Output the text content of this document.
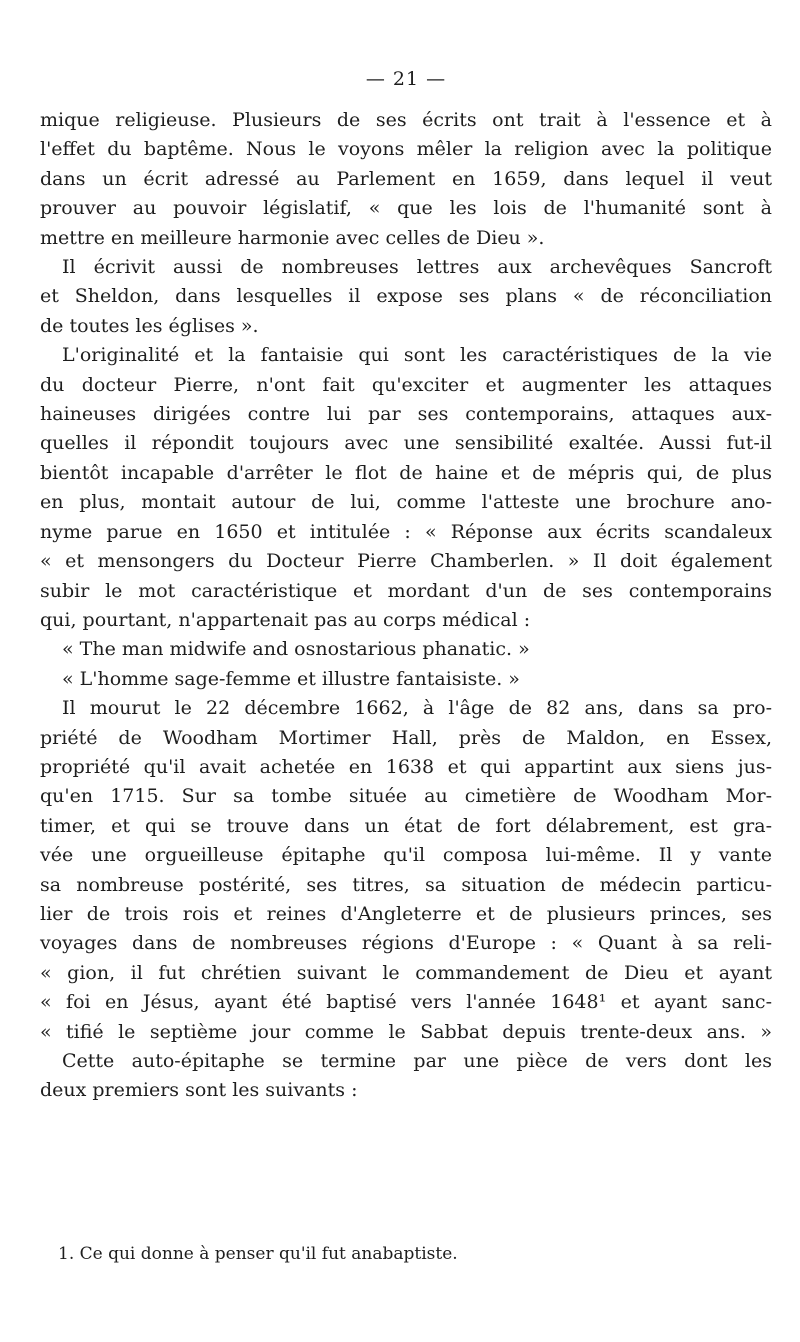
— 21 —
mique religieuse. Plusieurs de ses écrits ont trait à l'essence et à
l'effet du baptême. Nous le voyons mêler la religion avec la politique
dans un écrit adressé au Parlement en 1659, dans lequel il veut
prouver au pouvoir législatif, « que les lois de l'humanité sont à
mettre en meilleure harmonie avec celles de Dieu ».
Il écrivit aussi de nombreuses lettres aux archevêques Sancroft
et Sheldon, dans lesquelles il expose ses plans « de réconciliation
de toutes les églises ».
L'originalité et la fantaisie qui sont les caractéristiques de la vie
du docteur Pierre, n'ont fait qu'exciter et augmenter les attaques
haineuses dirigées contre lui par ses contemporains, attaques aux-
quelles il répondit toujours avec une sensibilité exaltée. Aussi fut-il
bientôt incapable d'arrêter le flot de haine et de mépris qui, de plus
en plus, montait autour de lui, comme l'atteste une brochure ano-
nyme parue en 1650 et intitulée : « Réponse aux écrits scandaleux
« et mensongers du Docteur Pierre Chamberlen. » Il doit également
subir le mot caractéristique et mordant d'un de ses contemporains
qui, pourtant, n'appartenait pas au corps médical :
« The man midwife and osnostarious phanatic. »
« L'homme sage-femme et illustre fantaisiste. »
Il mourut le 22 décembre 1662, à l'âge de 82 ans, dans sa pro-
priété de Woodham Mortimer Hall, près de Maldon, en Essex,
propriété qu'il avait achetée en 1638 et qui appartint aux siens jus-
qu'en 1715. Sur sa tombe située au cimetière de Woodham Mor-
timer, et qui se trouve dans un état de fort délabrement, est gra-
vée une orgueilleuse épitaphe qu'il composa lui-même. Il y vante
sa nombreuse postérité, ses titres, sa situation de médecin particu-
lier de trois rois et reines d'Angleterre et de plusieurs princes, ses
voyages dans de nombreuses régions d'Europe : « Quant à sa reli-
« gion, il fut chrétien suivant le commandement de Dieu et ayant
« foi en Jésus, ayant été baptisé vers l'année 1648¹ et ayant sanc-
« tifié le septième jour comme le Sabbat depuis trente-deux ans. »
Cette auto-épitaphe se termine par une pièce de vers dont les
deux premiers sont les suivants :
1. Ce qui donne à penser qu'il fut anabaptiste.
